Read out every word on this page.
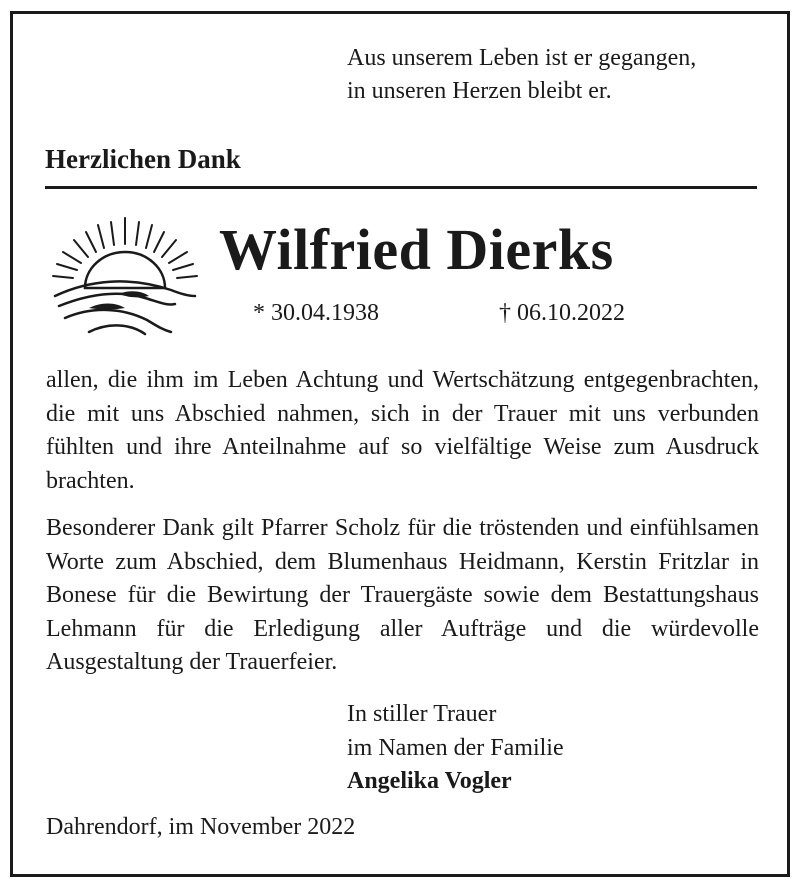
Aus unserem Leben ist er gegangen,
in unseren Herzen bleibt er.
Herzlichen Dank
Wilfried Dierks
* 30.04.1938	† 06.10.2022
allen, die ihm im Leben Achtung und Wertschätzung entgegenbrachten, die mit uns Abschied nahmen, sich in der Trauer mit uns verbunden fühlten und ihre Anteilnahme auf so vielfältige Weise zum Ausdruck brachten.
Besonderer Dank gilt Pfarrer Scholz für die tröstenden und einfühlsamen Worte zum Abschied, dem Blumenhaus Heidmann, Kerstin Fritzlar in Bonese für die Bewirtung der Trauergäste sowie dem Bestattungshaus Lehmann für die Erledigung aller Aufträge und die würdevolle Ausgestaltung der Trauerfeier.
In stiller Trauer
im Namen der Familie
Angelika Vogler
Dahrendorf, im November 2022
